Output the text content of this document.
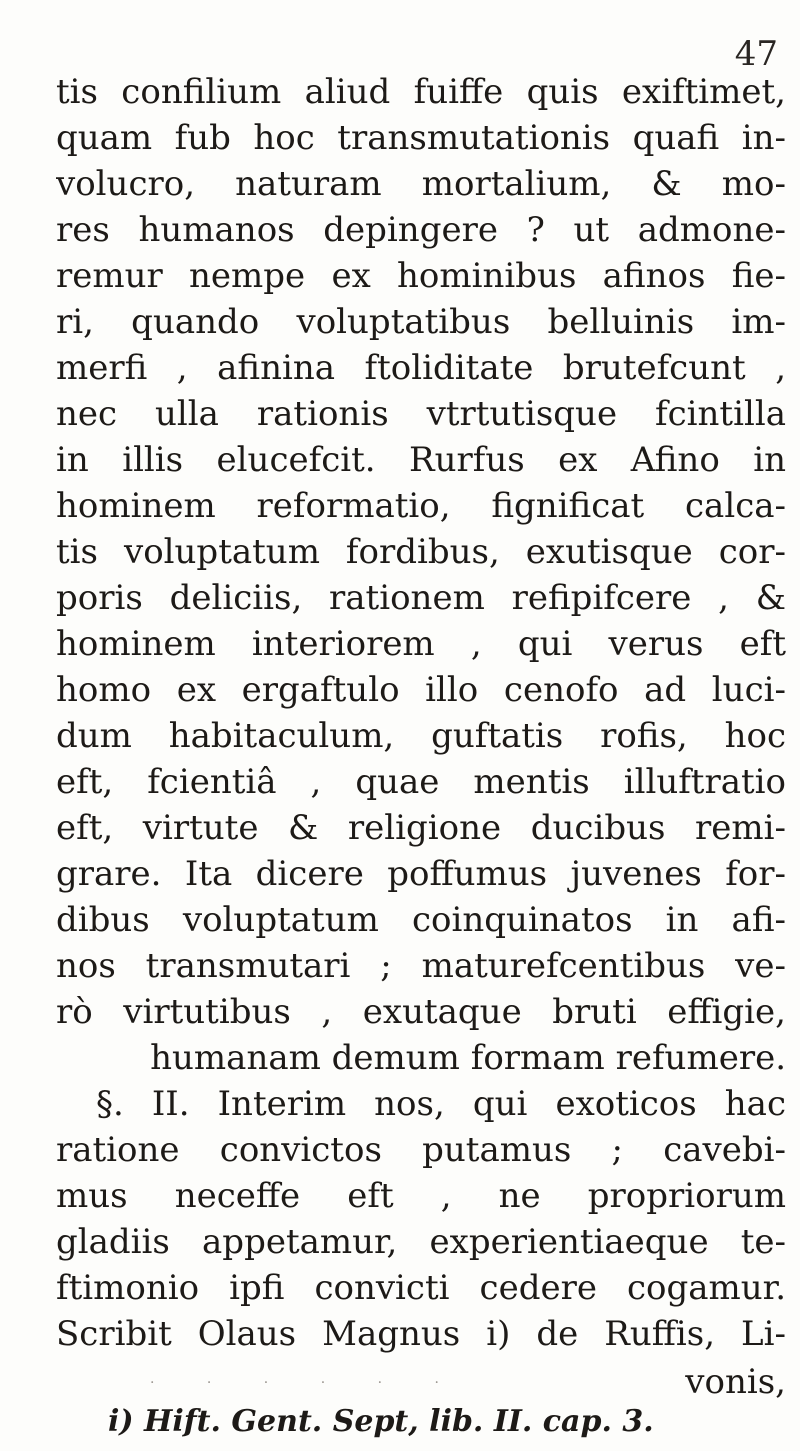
47
tis confilium aliud fuiffe quis exiftimet,
quam fub hoc transmutationis quafi in-
volucro, naturam mortalium, & mo-
res humanos depingere ? ut admone-
remur nempe ex hominibus afinos fie-
ri, quando voluptatibus belluinis im-
merfi , afinina ftoliditate brutefcunt ,
nec ulla rationis vtrtutisque fcintilla
in illis elucefcit. Rurfus ex Afino in
hominem reformatio, fignificat calca-
tis voluptatum fordibus, exutisque cor-
poris deliciis, rationem refipifcere , &
hominem interiorem , qui verus eft
homo ex ergaftulo illo cenofo ad luci-
dum habitaculum, guftatis rofis, hoc
eft, fcientiâ , quae mentis illuftratio
eft, virtute & religione ducibus remi-
grare. Ita dicere poffumus juvenes for-
dibus voluptatum coinquinatos in afi-
nos transmutari ; maturefcentibus ve-
rò virtutibus , exutaque bruti effigie,
humanam demum formam refumere.
§. II. Interim nos, qui exoticos hac
ratione convictos putamus ; cavebi-
mus neceffe eft , ne propriorum
gladiis appetamur, experientiaeque te-
ftimonio ipfi convicti cedere cogamur.
Scribit Olaus Magnus i) de Ruffis, Li-
· · · · · ·	vonis,
i) Hift. Gent. Sept, lib. II. cap. 3.
